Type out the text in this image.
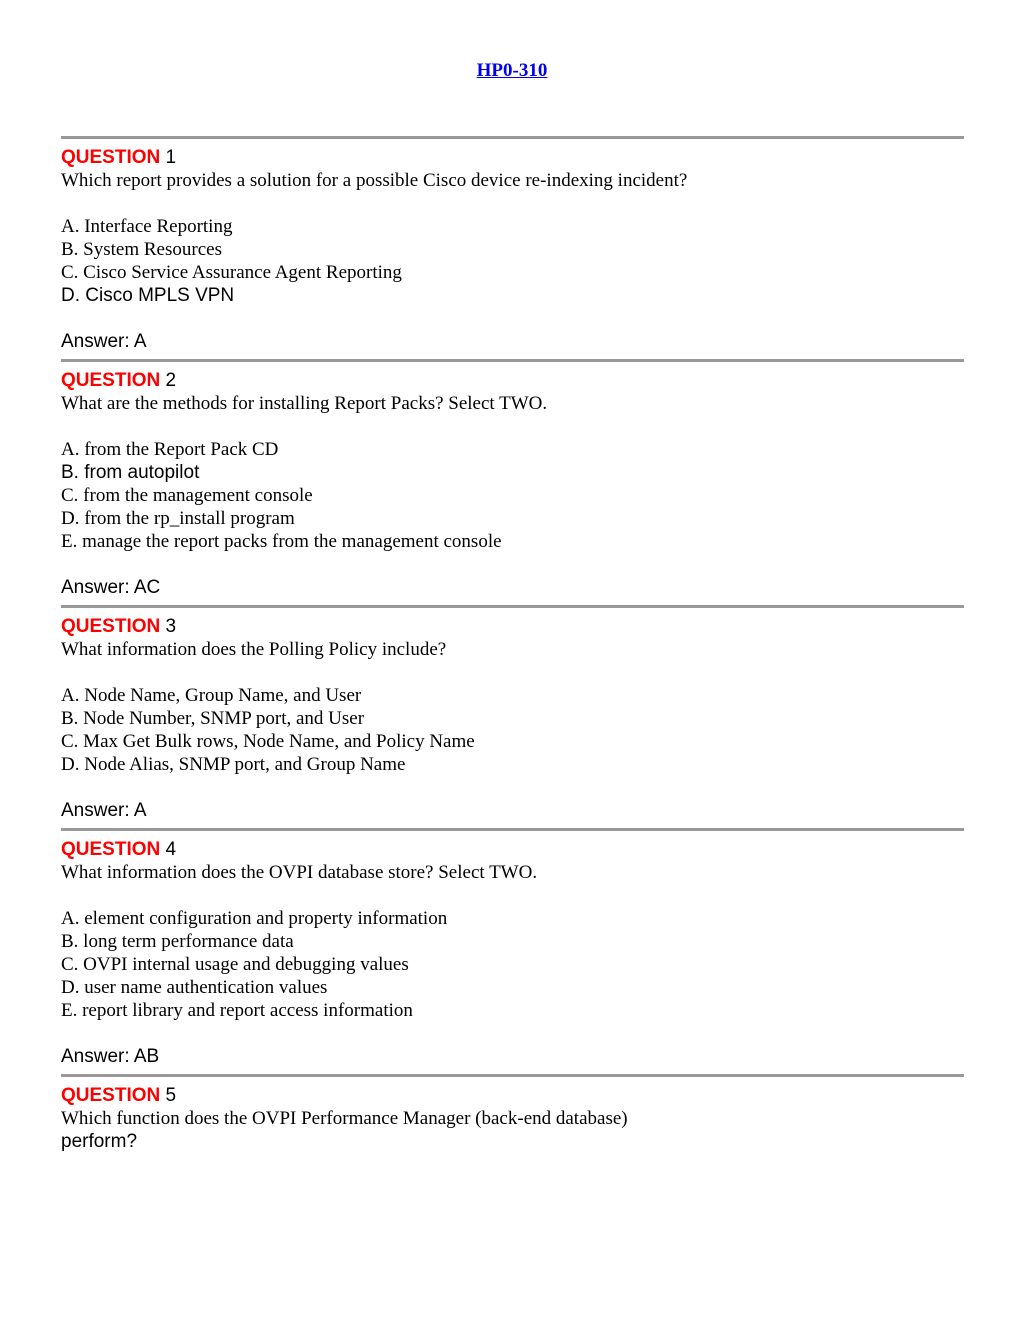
HP0-310
QUESTION 1
Which report provides a solution for a possible Cisco device re-indexing incident?
A. Interface Reporting
B. System Resources
C. Cisco Service Assurance Agent Reporting
D. Cisco MPLS VPN
Answer: A
QUESTION 2
What are the methods for installing Report Packs? Select TWO.
A. from the Report Pack CD
B. from autopilot
C. from the management console
D. from the rp_install program
E. manage the report packs from the management console
Answer: AC
QUESTION 3
What information does the Polling Policy include?
A. Node Name, Group Name, and User
B. Node Number, SNMP port, and User
C. Max Get Bulk rows, Node Name, and Policy Name
D. Node Alias, SNMP port, and Group Name
Answer: A
QUESTION 4
What information does the OVPI database store? Select TWO.
A. element configuration and property information
B. long term performance data
C. OVPI internal usage and debugging values
D. user name authentication values
E. report library and report access information
Answer: AB
QUESTION 5
Which function does the OVPI Performance Manager (back-end database)
perform?
